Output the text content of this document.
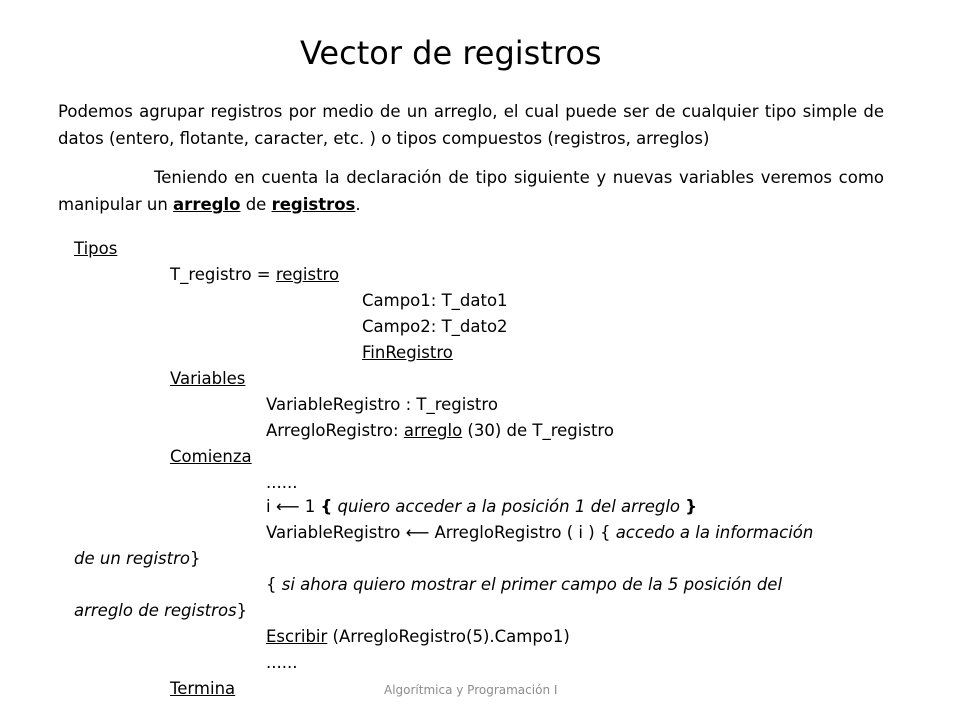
Vector de registros
Podemos agrupar registros por medio de un arreglo, el cual puede ser de cualquier tipo simple de datos (entero, flotante, caracter, etc. ) o tipos compuestos (registros, arreglos)
Teniendo en cuenta la declaración de tipo siguiente y nuevas variables veremos como manipular un arreglo de registros.
Tipos
T_registro = registro
Campo1: T_dato1
Campo2: T_dato2
FinRegistro
Variables
VariableRegistro : T_registro
ArregloRegistro: arreglo (30) de T_registro
Comienza
......
i ⟵ 1 { quiero acceder a la posición 1 del arreglo }
VariableRegistro ⟵ ArregloRegistro ( i ) { accedo a la información
de un registro}
{ si ahora quiero mostrar el primer campo de la 5 posición del
arreglo de registros}
Escribir (ArregloRegistro(5).Campo1)
......
Termina	Algorítmica y Programación I
